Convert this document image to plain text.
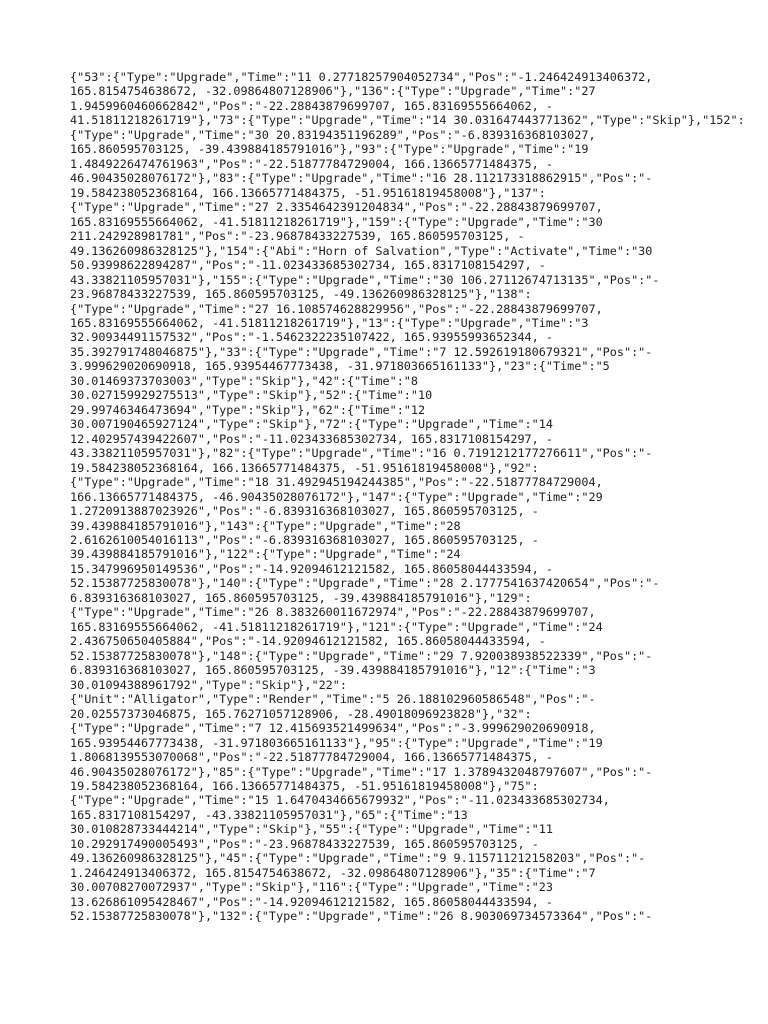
{"53":{"Type":"Upgrade","Time":"11 0.27718257904052734","Pos":"-1.246424913406372,
165.8154754638672, -32.09864807128906"},"136":{"Type":"Upgrade","Time":"27
1.9459960460662842","Pos":"-22.28843879699707, 165.83169555664062, -
41.51811218261719"},"73":{"Type":"Upgrade","Time":"14 30.031647443771362","Type":"Skip"},"152":
{"Type":"Upgrade","Time":"30 20.83194351196289","Pos":"-6.839316368103027,
165.860595703125, -39.439884185791016"},"93":{"Type":"Upgrade","Time":"19
1.4849226474761963","Pos":"-22.51877784729004, 166.13665771484375, -
46.90435028076172"},"83":{"Type":"Upgrade","Time":"16 28.112173318862915","Pos":"-
19.584238052368164, 166.13665771484375, -51.95161819458008"},"137":
{"Type":"Upgrade","Time":"27 2.3354642391204834","Pos":"-22.28843879699707,
165.83169555664062, -41.51811218261719"},"159":{"Type":"Upgrade","Time":"30
211.242928981781","Pos":"-23.96878433227539, 165.860595703125, -
49.136260986328125"},"154":{"Abi":"Horn of Salvation","Type":"Activate","Time":"30
50.93998622894287","Pos":"-11.023433685302734, 165.8317108154297, -
43.33821105957031"},"155":{"Type":"Upgrade","Time":"30 106.27112674713135","Pos":"-
23.96878433227539, 165.860595703125, -49.136260986328125"},"138":
{"Type":"Upgrade","Time":"27 16.108574628829956","Pos":"-22.28843879699707,
165.83169555664062, -41.51811218261719"},"13":{"Type":"Upgrade","Time":"3
32.90934491157532","Pos":"-1.5462322235107422, 165.93955993652344, -
35.392791748046875"},"33":{"Type":"Upgrade","Time":"7 12.592619180679321","Pos":"-
3.999629020690918, 165.93954467773438, -31.971803665161133"},"23":{"Time":"5
30.01469373703003","Type":"Skip"},"42":{"Time":"8
30.027159929275513","Type":"Skip"},"52":{"Time":"10
29.99746346473694","Type":"Skip"},"62":{"Time":"12
30.007190465927124","Type":"Skip"},"72":{"Type":"Upgrade","Time":"14
12.402957439422607","Pos":"-11.023433685302734, 165.8317108154297, -
43.33821105957031"},"82":{"Type":"Upgrade","Time":"16 0.7191212177276611","Pos":"-
19.584238052368164, 166.13665771484375, -51.95161819458008"},"92":
{"Type":"Upgrade","Time":"18 31.492945194244385","Pos":"-22.51877784729004,
166.13665771484375, -46.90435028076172"},"147":{"Type":"Upgrade","Time":"29
1.2720913887023926","Pos":"-6.839316368103027, 165.860595703125, -
39.439884185791016"},"143":{"Type":"Upgrade","Time":"28
2.6162610054016113","Pos":"-6.839316368103027, 165.860595703125, -
39.439884185791016"},"122":{"Type":"Upgrade","Time":"24
15.347996950149536","Pos":"-14.92094612121582, 165.86058044433594, -
52.15387725830078"},"140":{"Type":"Upgrade","Time":"28 2.1777541637420654","Pos":"-
6.839316368103027, 165.860595703125, -39.439884185791016"},"129":
{"Type":"Upgrade","Time":"26 8.383260011672974","Pos":"-22.28843879699707,
165.83169555664062, -41.51811218261719"},"121":{"Type":"Upgrade","Time":"24
2.436750650405884","Pos":"-14.92094612121582, 165.86058044433594, -
52.15387725830078"},"148":{"Type":"Upgrade","Time":"29 7.920038938522339","Pos":"-
6.839316368103027, 165.860595703125, -39.439884185791016"},"12":{"Time":"3
30.01094388961792","Type":"Skip"},"22":
{"Unit":"Alligator","Type":"Render","Time":"5 26.188102960586548","Pos":"-
20.02557373046875, 165.76271057128906, -28.49018096923828"},"32":
{"Type":"Upgrade","Time":"7 12.415693521499634","Pos":"-3.999629020690918,
165.93954467773438, -31.971803665161133"},"95":{"Type":"Upgrade","Time":"19
1.8068139553070068","Pos":"-22.51877784729004, 166.13665771484375, -
46.90435028076172"},"85":{"Type":"Upgrade","Time":"17 1.3789432048797607","Pos":"-
19.584238052368164, 166.13665771484375, -51.95161819458008"},"75":
{"Type":"Upgrade","Time":"15 1.6470434665679932","Pos":"-11.023433685302734,
165.8317108154297, -43.33821105957031"},"65":{"Time":"13
30.010828733444214","Type":"Skip"},"55":{"Type":"Upgrade","Time":"11
10.292917490005493","Pos":"-23.96878433227539, 165.860595703125, -
49.136260986328125"},"45":{"Type":"Upgrade","Time":"9 9.115711212158203","Pos":"-
1.246424913406372, 165.8154754638672, -32.09864807128906"},"35":{"Time":"7
30.00708270072937","Type":"Skip"},"116":{"Type":"Upgrade","Time":"23
13.626861095428467","Pos":"-14.92094612121582, 165.86058044433594, -
52.15387725830078"},"132":{"Type":"Upgrade","Time":"26 8.903069734573364","Pos":"-
